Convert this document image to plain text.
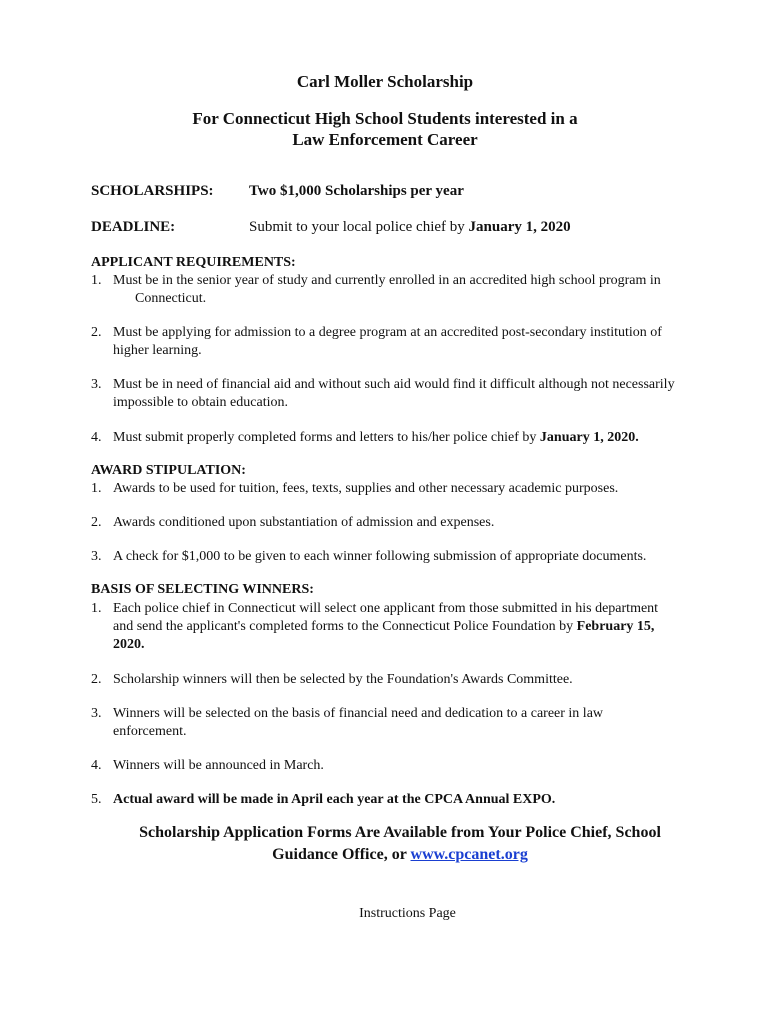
Carl Moller Scholarship
For Connecticut High School Students interested in a
Law Enforcement Career
SCHOLARSHIPS: Two $1,000 Scholarships per year
DEADLINE:	Submit to your local police chief by January 1, 2020
APPLICANT REQUIREMENTS:
1. Must be in the senior year of study and currently enrolled in an accredited high school program in
Connecticut.
2. Must be applying for admission to a degree program at an accredited post-secondary institution of
higher learning.
3. Must be in need of financial aid and without such aid would find it difficult although not necessarily
impossible to obtain education.
4. Must submit properly completed forms and letters to his/her police chief by January 1, 2020.
AWARD STIPULATION:
1. Awards to be used for tuition, fees, texts, supplies and other necessary academic purposes.
2. Awards conditioned upon substantiation of admission and expenses.
3. A check for $1,000 to be given to each winner following submission of appropriate documents.
BASIS OF SELECTING WINNERS:
1. Each police chief in Connecticut will select one applicant from those submitted in his department
and send the applicant's completed forms to the Connecticut Police Foundation by February 15,
2020.
2. Scholarship winners will then be selected by the Foundation's Awards Committee.
3. Winners will be selected on the basis of financial need and dedication to a career in law
enforcement.
4. Winners will be announced in March.
5. Actual award will be made in April each year at the CPCA Annual EXPO.
Scholarship Application Forms Are Available from Your Police Chief, School
Guidance Office, or www.cpcanet.org
Instructions Page
